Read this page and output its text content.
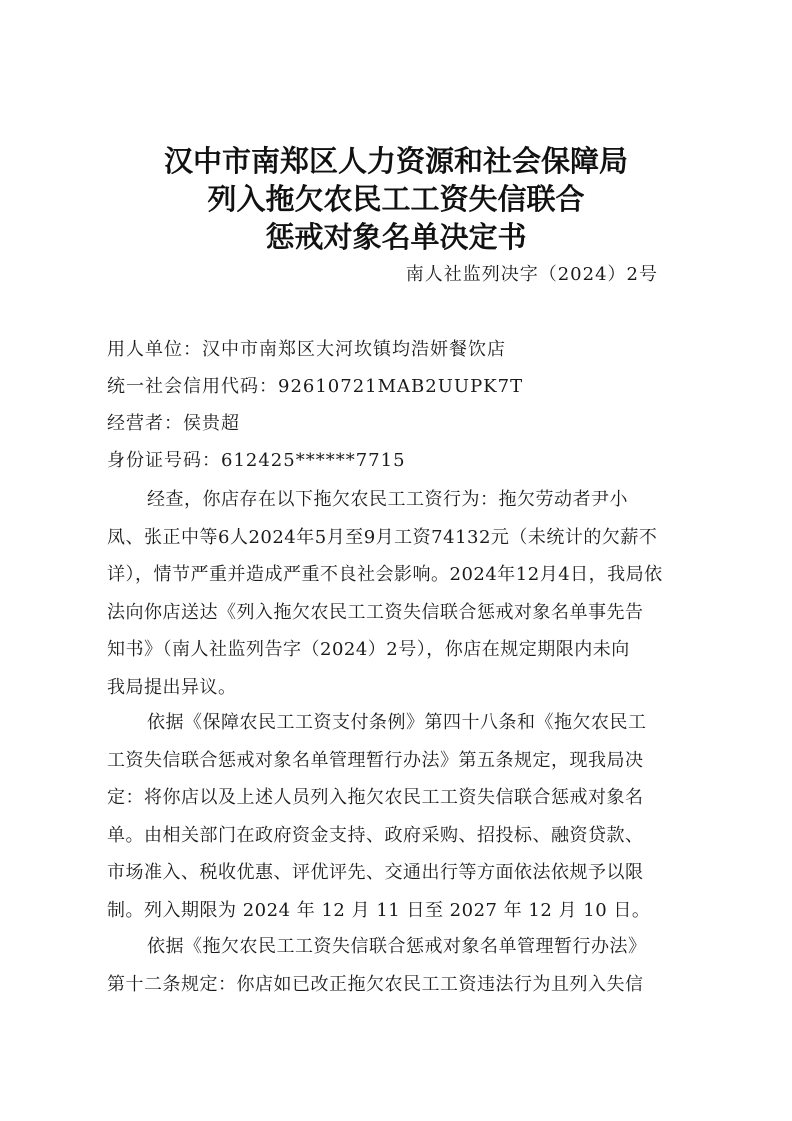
汉中市南郑区人力资源和社会保障局
列入拖欠农民工工资失信联合
惩戒对象名单决定书
南人社监列决字（2024）2号
用人单位：汉中市南郑区大河坎镇均浩妍餐饮店
统一社会信用代码：92610721MAB2UUPK7T
经营者：侯贵超
身份证号码：612425******7715
经查，你店存在以下拖欠农民工工资行为：拖欠劳动者尹小
凤、张正中等6人2024年5月至9月工资74132元（未统计的欠薪不
详），情节严重并造成严重不良社会影响。2024年12月4日，我局依
法向你店送达《列入拖欠农民工工资失信联合惩戒对象名单事先告
知书》（南人社监列告字（2024）2号），你店在规定期限内未向
我局提出异议。
依据《保障农民工工资支付条例》第四十八条和《拖欠农民工
工资失信联合惩戒对象名单管理暂行办法》第五条规定，现我局决
定：将你店以及上述人员列入拖欠农民工工资失信联合惩戒对象名
单。由相关部门在政府资金支持、政府采购、招投标、融资贷款、
市场准入、税收优惠、评优评先、交通出行等方面依法依规予以限
制。列入期限为 2024 年 12 月 11 日至 2027 年 12 月 10 日。
依据《拖欠农民工工资失信联合惩戒对象名单管理暂行办法》
第十二条规定：你店如已改正拖欠农民工工资违法行为且列入失信
